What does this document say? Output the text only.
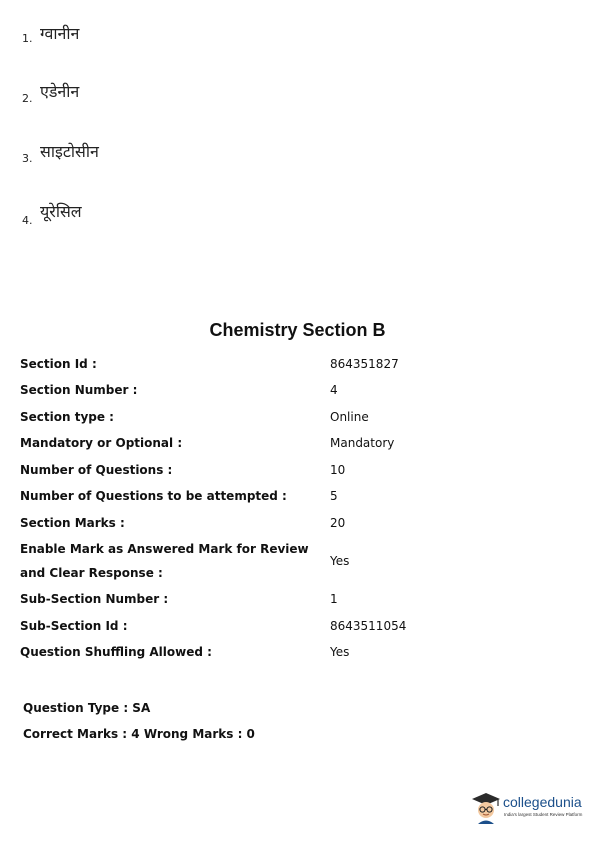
1. ग्वानीन
2. एडेनीन
3. साइटोसीन
4. यूरेसिल
Chemistry Section B
Section Id :	864351827
Section Number :	4
Section type :	Online
Mandatory or Optional :	Mandatory
Number of Questions :	10
Number of Questions to be attempted :	5
Section Marks :	20
Enable Mark as Answered Mark for Review and Clear Response :
Yes
Sub-Section Number :	1
Sub-Section Id :	8643511054
Question Shuffling Allowed :	Yes
Question Type : SA
Correct Marks : 4 Wrong Marks : 0
collegedunia
India's largest Student Review Platform
